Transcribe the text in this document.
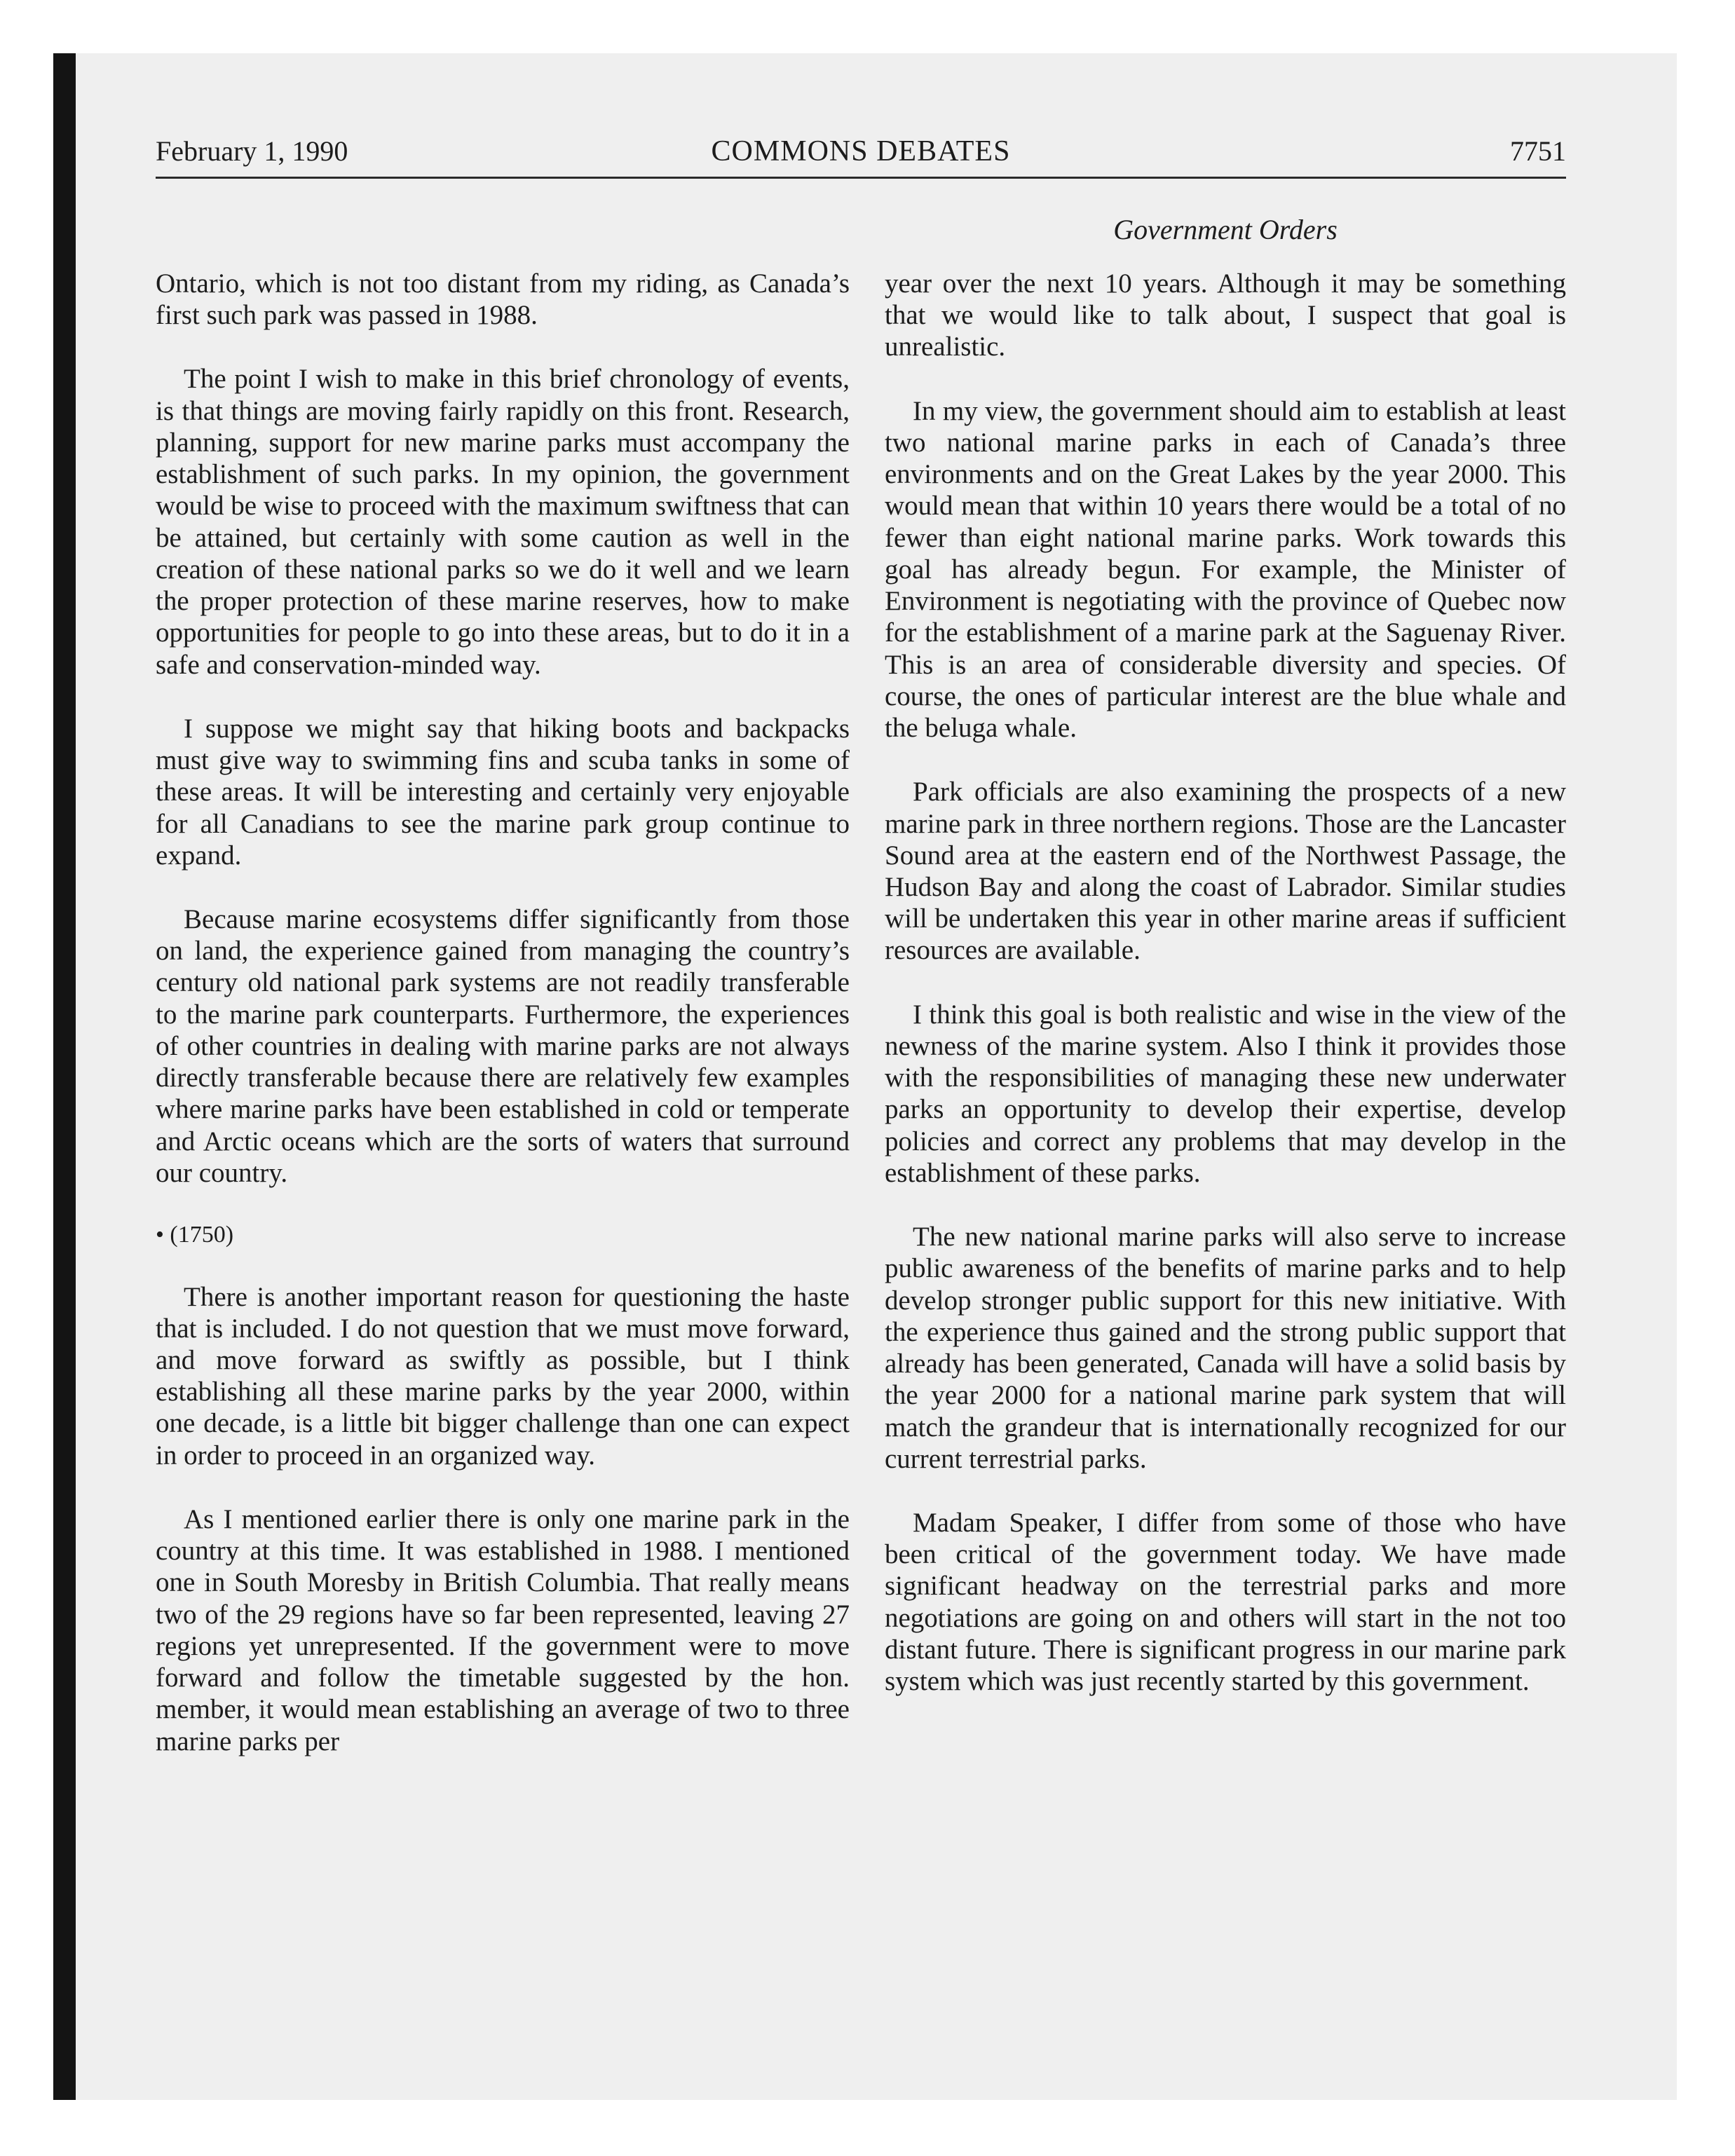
February 1, 1990	COMMONS DEBATES	7751
Government Orders

Ontario, which is not too distant from my riding, as Canada’s first such park was passed in 1988.

The point I wish to make in this brief chronology of events, is that things are moving fairly rapidly on this front. Research, planning, support for new marine parks must accompany the establishment of such parks. In my opinion, the government would be wise to proceed with the maximum swiftness that can be attained, but certainly with some caution as well in the creation of these national parks so we do it well and we learn the proper protection of these marine reserves, how to make opportunities for people to go into these areas, but to do it in a safe and conservation-minded way.

I suppose we might say that hiking boots and backpacks must give way to swimming fins and scuba tanks in some of these areas. It will be interesting and certainly very enjoyable for all Canadians to see the marine park group continue to expand.

Because marine ecosystems differ significantly from those on land, the experience gained from managing the country’s century old national park systems are not readily transferable to the marine park counterparts. Furthermore, the experiences of other countries in dealing with marine parks are not always directly transferable because there are relatively few examples where marine parks have been established in cold or temperate and Arctic oceans which are the sorts of waters that surround our country.

• (1750)

There is another important reason for questioning the haste that is included. I do not question that we must move forward, and move forward as swiftly as possible, but I think establishing all these marine parks by the year 2000, within one decade, is a little bit bigger challenge than one can expect in order to proceed in an organized way.

As I mentioned earlier there is only one marine park in the country at this time. It was established in 1988. I mentioned one in South Moresby in British Columbia. That really means two of the 29 regions have so far been represented, leaving 27 regions yet unrepresented. If the government were to move forward and follow the timetable suggested by the hon. member, it would mean establishing an average of two to three marine parks per

year over the next 10 years. Although it may be something that we would like to talk about, I suspect that goal is unrealistic.

In my view, the government should aim to establish at least two national marine parks in each of Canada’s three environments and on the Great Lakes by the year 2000. This would mean that within 10 years there would be a total of no fewer than eight national marine parks. Work towards this goal has already begun. For example, the Minister of Environment is negotiating with the province of Quebec now for the establishment of a marine park at the Saguenay River. This is an area of considerable diversity and species. Of course, the ones of particular interest are the blue whale and the beluga whale.

Park officials are also examining the prospects of a new marine park in three northern regions. Those are the Lancaster Sound area at the eastern end of the Northwest Passage, the Hudson Bay and along the coast of Labrador. Similar studies will be undertaken this year in other marine areas if sufficient resources are available.

I think this goal is both realistic and wise in the view of the newness of the marine system. Also I think it provides those with the responsibilities of managing these new underwater parks an opportunity to develop their expertise, develop policies and correct any problems that may develop in the establishment of these parks.

The new national marine parks will also serve to increase public awareness of the benefits of marine parks and to help develop stronger public support for this new initiative. With the experience thus gained and the strong public support that already has been generated, Canada will have a solid basis by the year 2000 for a national marine park system that will match the grandeur that is internationally recognized for our current terrestrial parks.

Madam Speaker, I differ from some of those who have been critical of the government today. We have made significant headway on the terrestrial parks and more negotiations are going on and others will start in the not too distant future. There is significant progress in our marine park system which was just recently started by this government.
